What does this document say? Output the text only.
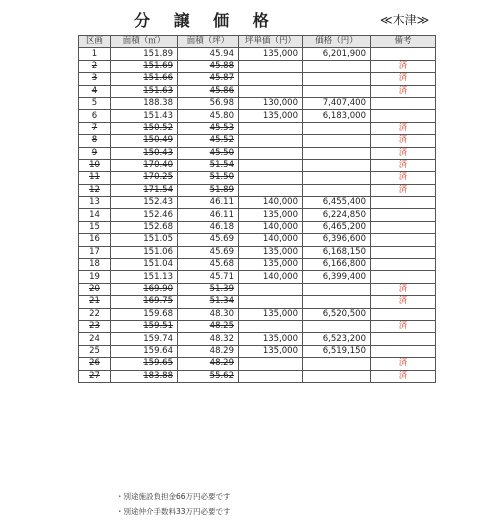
分 譲 価 格	≪木津≫
区画	面積（㎡）	面積（坪）	坪単価（円）	価格（円）	備考
1	151.89	45.94	135,000	6,201,900	
2	151.69	45.88			済
3	151.66	45.87			済
4	151.63	45.86			済
5	188.38	56.98	130,000	7,407,400	
6	151.43	45.80	135,000	6,183,000	
7	150.52	45.53			済
8	150.49	45.52			済
9	150.43	45.50			済
10	170.40	51.54			済
11	170.25	51.50			済
12	171.54	51.89			済
13	152.43	46.11	140,000	6,455,400	
14	152.46	46.11	135,000	6,224,850	
15	152.68	46.18	140,000	6,465,200	
16	151.05	45.69	140,000	6,396,600	
17	151.06	45.69	135,000	6,168,150	
18	151.04	45.68	135,000	6,166,800	
19	151.13	45.71	140,000	6,399,400	
20	169.90	51.39			済
21	169.75	51.34			済
22	159.68	48.30	135,000	6,520,500	
23	159.51	48.25			済
24	159.74	48.32	135,000	6,523,200	
25	159.64	48.29	135,000	6,519,150	
26	159.65	48.29			済
27	183.88	55.62			済
・別途施設負担金66万円必要です
・別途仲介手数料33万円必要です
